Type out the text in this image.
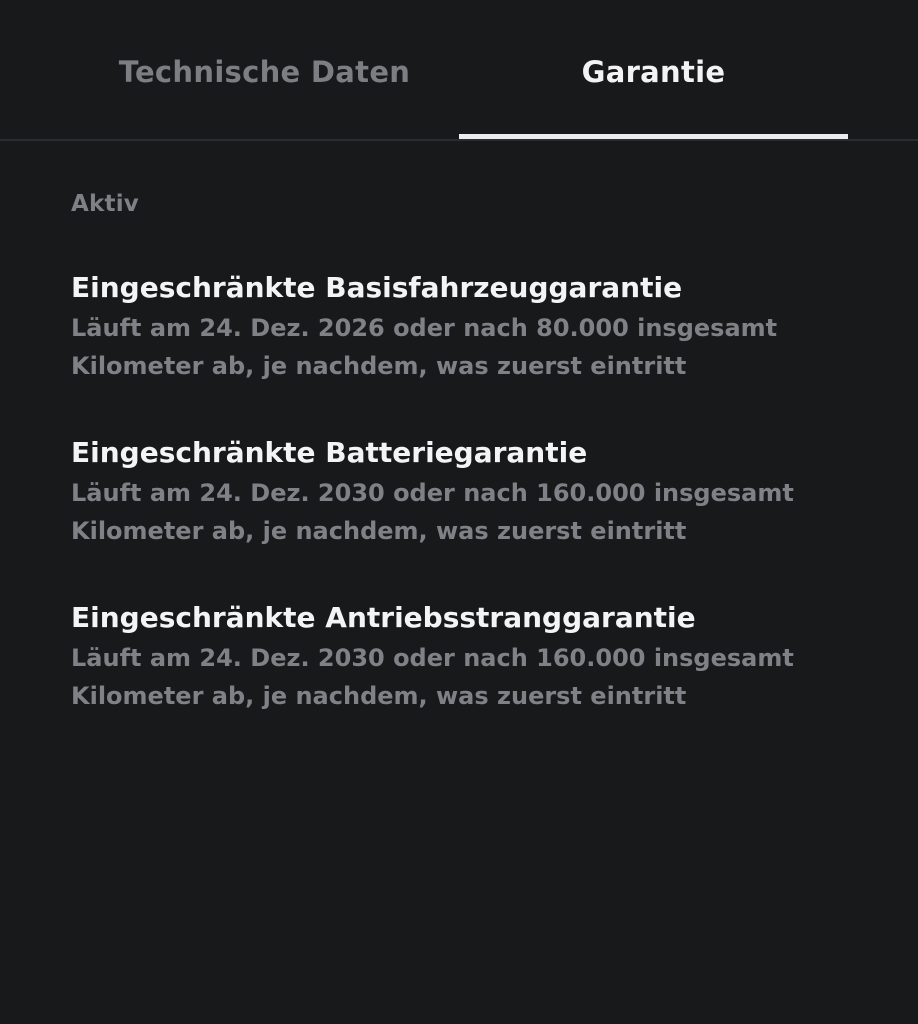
Technische Daten	Garantie
Aktiv
Eingeschränkte Basisfahrzeuggarantie
Läuft am 24. Dez. 2026 oder nach 80.000 insgesamt
Kilometer ab, je nachdem, was zuerst eintritt
Eingeschränkte Batteriegarantie
Läuft am 24. Dez. 2030 oder nach 160.000 insgesamt
Kilometer ab, je nachdem, was zuerst eintritt
Eingeschränkte Antriebsstranggarantie
Läuft am 24. Dez. 2030 oder nach 160.000 insgesamt
Kilometer ab, je nachdem, was zuerst eintritt
